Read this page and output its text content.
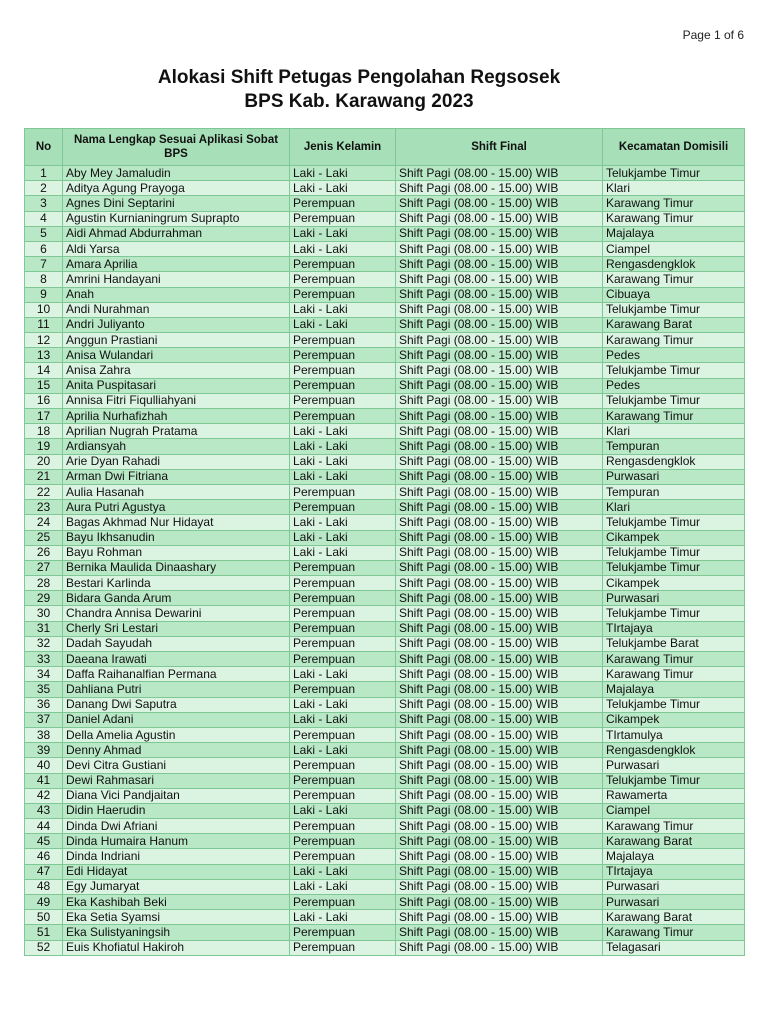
Page 1 of 6
Alokasi Shift Petugas Pengolahan Regsosek
BPS Kab. Karawang 2023
No	Nama Lengkap Sesuai Aplikasi Sobat BPS	Jenis Kelamin	Shift Final	Kecamatan Domisili
1	Aby Mey Jamaludin	Laki - Laki	Shift Pagi (08.00 - 15.00) WIB	Telukjambe Timur
2	Aditya Agung Prayoga	Laki - Laki	Shift Pagi (08.00 - 15.00) WIB	Klari
3	Agnes Dini Septarini	Perempuan	Shift Pagi (08.00 - 15.00) WIB	Karawang Timur
4	Agustin Kurnianingrum Suprapto	Perempuan	Shift Pagi (08.00 - 15.00) WIB	Karawang Timur
5	Aidi Ahmad Abdurrahman	Laki - Laki	Shift Pagi (08.00 - 15.00) WIB	Majalaya
6	Aldi Yarsa	Laki - Laki	Shift Pagi (08.00 - 15.00) WIB	Ciampel
7	Amara Aprilia	Perempuan	Shift Pagi (08.00 - 15.00) WIB	Rengasdengklok
8	Amrini Handayani	Perempuan	Shift Pagi (08.00 - 15.00) WIB	Karawang Timur
9	Anah	Perempuan	Shift Pagi (08.00 - 15.00) WIB	Cibuaya
10	Andi Nurahman	Laki - Laki	Shift Pagi (08.00 - 15.00) WIB	Telukjambe Timur
11	Andri Juliyanto	Laki - Laki	Shift Pagi (08.00 - 15.00) WIB	Karawang Barat
12	Anggun Prastiani	Perempuan	Shift Pagi (08.00 - 15.00) WIB	Karawang Timur
13	Anisa Wulandari	Perempuan	Shift Pagi (08.00 - 15.00) WIB	Pedes
14	Anisa Zahra	Perempuan	Shift Pagi (08.00 - 15.00) WIB	Telukjambe Timur
15	Anita Puspitasari	Perempuan	Shift Pagi (08.00 - 15.00) WIB	Pedes
16	Annisa Fitri Fiqulliahyani	Perempuan	Shift Pagi (08.00 - 15.00) WIB	Telukjambe Timur
17	Aprilia Nurhafizhah	Perempuan	Shift Pagi (08.00 - 15.00) WIB	Karawang Timur
18	Aprilian Nugrah Pratama	Laki - Laki	Shift Pagi (08.00 - 15.00) WIB	Klari
19	Ardiansyah	Laki - Laki	Shift Pagi (08.00 - 15.00) WIB	Tempuran
20	Arie Dyan Rahadi	Laki - Laki	Shift Pagi (08.00 - 15.00) WIB	Rengasdengklok
21	Arman Dwi Fitriana	Laki - Laki	Shift Pagi (08.00 - 15.00) WIB	Purwasari
22	Aulia Hasanah	Perempuan	Shift Pagi (08.00 - 15.00) WIB	Tempuran
23	Aura Putri Agustya	Perempuan	Shift Pagi (08.00 - 15.00) WIB	Klari
24	Bagas Akhmad Nur Hidayat	Laki - Laki	Shift Pagi (08.00 - 15.00) WIB	Telukjambe Timur
25	Bayu Ikhsanudin	Laki - Laki	Shift Pagi (08.00 - 15.00) WIB	Cikampek
26	Bayu Rohman	Laki - Laki	Shift Pagi (08.00 - 15.00) WIB	Telukjambe Timur
27	Bernika Maulida Dinaashary	Perempuan	Shift Pagi (08.00 - 15.00) WIB	Telukjambe Timur
28	Bestari Karlinda	Perempuan	Shift Pagi (08.00 - 15.00) WIB	Cikampek
29	Bidara Ganda Arum	Perempuan	Shift Pagi (08.00 - 15.00) WIB	Purwasari
30	Chandra Annisa Dewarini	Perempuan	Shift Pagi (08.00 - 15.00) WIB	Telukjambe Timur
31	Cherly Sri Lestari	Perempuan	Shift Pagi (08.00 - 15.00) WIB	TIrtajaya
32	Dadah Sayudah	Perempuan	Shift Pagi (08.00 - 15.00) WIB	Telukjambe Barat
33	Daeana Irawati	Perempuan	Shift Pagi (08.00 - 15.00) WIB	Karawang Timur
34	Daffa Raihanalfian Permana	Laki - Laki	Shift Pagi (08.00 - 15.00) WIB	Karawang Timur
35	Dahliana Putri	Perempuan	Shift Pagi (08.00 - 15.00) WIB	Majalaya
36	Danang Dwi Saputra	Laki - Laki	Shift Pagi (08.00 - 15.00) WIB	Telukjambe Timur
37	Daniel Adani	Laki - Laki	Shift Pagi (08.00 - 15.00) WIB	Cikampek
38	Della Amelia Agustin	Perempuan	Shift Pagi (08.00 - 15.00) WIB	TIrtamulya
39	Denny Ahmad	Laki - Laki	Shift Pagi (08.00 - 15.00) WIB	Rengasdengklok
40	Devi Citra Gustiani	Perempuan	Shift Pagi (08.00 - 15.00) WIB	Purwasari
41	Dewi Rahmasari	Perempuan	Shift Pagi (08.00 - 15.00) WIB	Telukjambe Timur
42	Diana Vici Pandjaitan	Perempuan	Shift Pagi (08.00 - 15.00) WIB	Rawamerta
43	Didin Haerudin	Laki - Laki	Shift Pagi (08.00 - 15.00) WIB	Ciampel
44	Dinda Dwi Afriani	Perempuan	Shift Pagi (08.00 - 15.00) WIB	Karawang Timur
45	Dinda Humaira Hanum	Perempuan	Shift Pagi (08.00 - 15.00) WIB	Karawang Barat
46	Dinda Indriani	Perempuan	Shift Pagi (08.00 - 15.00) WIB	Majalaya
47	Edi Hidayat	Laki - Laki	Shift Pagi (08.00 - 15.00) WIB	TIrtajaya
48	Egy Jumaryat	Laki - Laki	Shift Pagi (08.00 - 15.00) WIB	Purwasari
49	Eka Kashibah Beki	Perempuan	Shift Pagi (08.00 - 15.00) WIB	Purwasari
50	Eka Setia Syamsi	Laki - Laki	Shift Pagi (08.00 - 15.00) WIB	Karawang Barat
51	Eka Sulistyaningsih	Perempuan	Shift Pagi (08.00 - 15.00) WIB	Karawang Timur
52	Euis Khofiatul Hakiroh	Perempuan	Shift Pagi (08.00 - 15.00) WIB	Telagasari
